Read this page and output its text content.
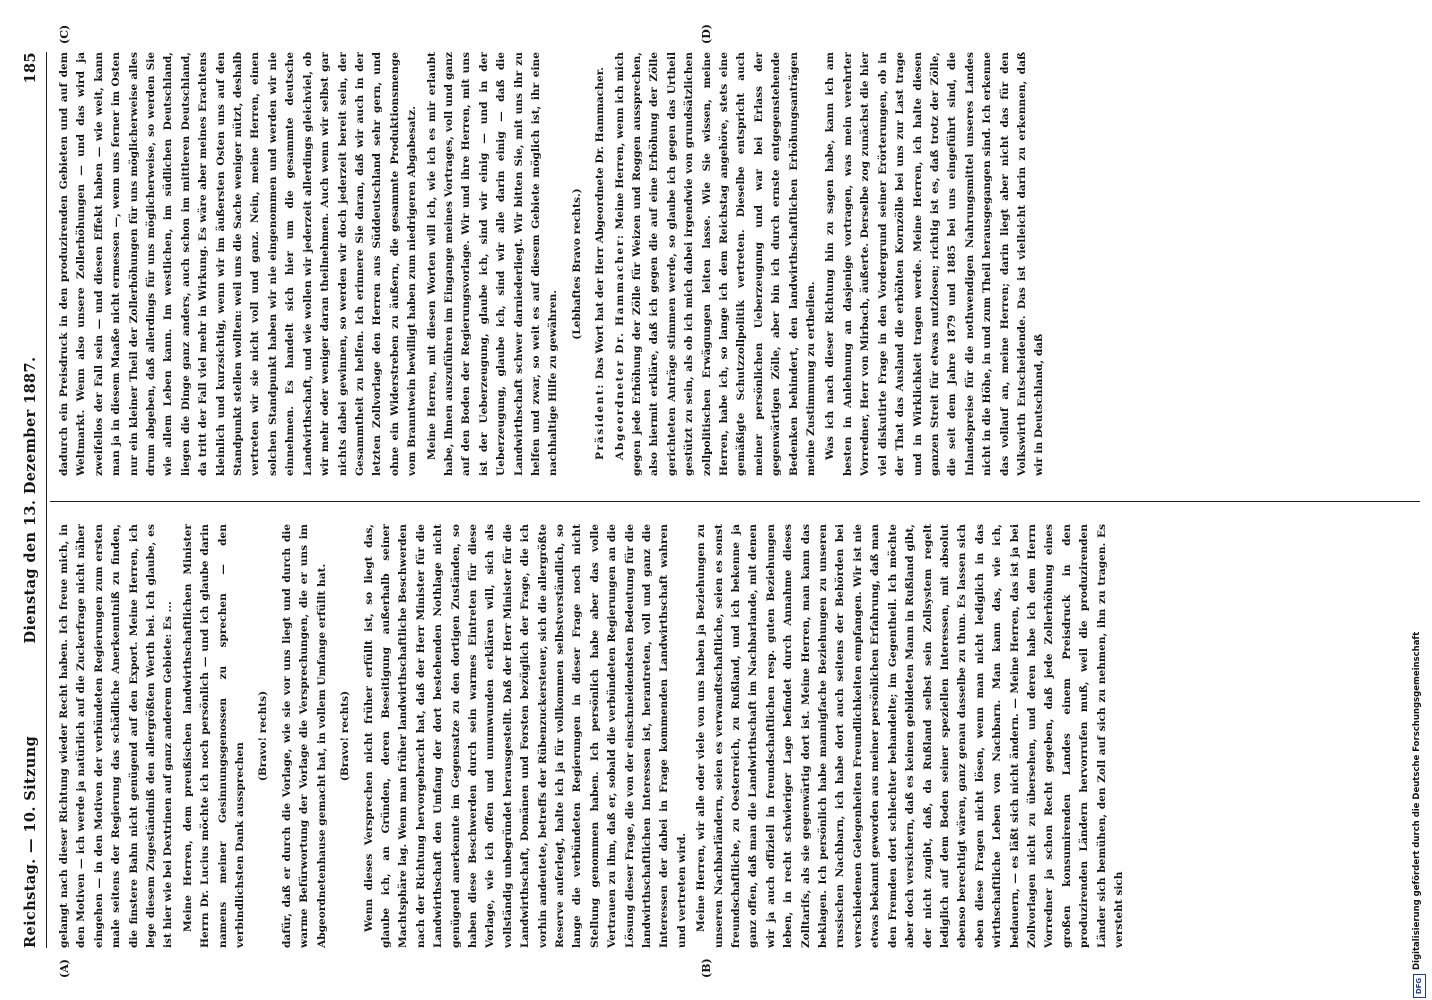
Reichstag. — 10. Sitzung
Dienstag den 13. Dezember 1887.
185
(A)	(B)
(C)	(D)

gelangt nach dieser Richtung wieder Recht haben. Ich freue mich, in den Motiven — ich werde ja natürlich auf die Zuckerfrage nicht näher eingehen — in den Motiven der verbündeten Regierungen zum ersten male seitens der Regierung das schädliche Anerkenntniß zu finden, die finstere Bahn nicht genügend auf den Export. Meine Herren, ich lege diesem Zugeständniß den allergrößten Werth bei. Ich glaube, es ist hier wie bei Dextrinen auf ganz anderem Gebiete: Es ... Meine Herren, dem preußischen landwirthschaftlichen Minister Herrn Dr. Lucius möchte ich noch persönlich — und ich glaube darin namens meiner Gesinnungsgenossen zu sprechen — den verbindlichsten Dank aussprechen

(Bravo! rechts)	dafür, daß er durch die Vorlage, wie sie vor uns liegt und durch die warme Befürwortung der Vorlage die Versprechungen, die er uns im Abgeordnetenhause gemacht hat, in vollem Umfange erfüllt hat.	(Bravo! rechts)	Wenn dieses Versprechen nicht früher erfüllt ist, so liegt das, glaube ich, an Gründen, deren Beseitigung außerhalb seiner Machtsphäre lag. Wenn man früher landwirthschaftliche Beschwerden nach der Richtung hervorgebracht hat, daß der Herr Minister für die Landwirthschaft den Umfang der dort bestehenden Nothlage nicht genügend anerkennte im Gegensatze zu den dortigen Zuständen, so haben diese Beschwerden durch sein warmes Eintreten für diese Vorlage, wie ich offen und unumwunden erklären will, sich als vollständig unbegründet herausgestellt. Daß der Herr Minister für die Landwirthschaft, Domänen und Forsten bezüglich der Frage, die ich vorhin andeutete, betreffs der Rübenzuckersteuer, sich die allergrößte Reserve auferlegt, halte ich ja für vollkommen selbstverständlich, so lange die verbündeten Regierungen in dieser Frage noch nicht Stellung genommen haben. Ich persönlich habe aber das volle Vertrauen zu ihm, daß er, sobald die verbündeten Regierungen an die Lösung dieser Frage, die von der einschneidendsten Bedeutung für die landwirthschaftlichen Interessen ist, herantreten, voll und ganz die Interessen der dabei in Frage kommenden Landwirthschaft wahren und vertreten wird. Meine Herren, wir alle oder viele von uns haben ja Beziehungen zu unseren Nachbarländern, seien es verwandtschaftliche, seien es sonst freundschaftliche, zu Oesterreich, zu Rußland, und ich bekenne ja ganz offen, daß man die Landwirthschaft im Nachbarlande, mit denen wir ja auch offiziell in freundschaftlichen resp. guten Beziehungen leben, in recht schwieriger Lage befindet durch Annahme dieses Zolltarifs, als sie gegenwärtig dort ist. Meine Herren, man kann das beklagen. Ich persönlich habe mannigfache Beziehungen zu unseren russischen Nachbarn, ich habe dort auch seitens der Behörden bei verschiedenen Gelegenheiten Freundlichkeiten empfangen. Wir ist nie etwas bekannt geworden aus meiner persönlichen Erfahrung, daß man den Fremden dort schlechter behandelte; im Gegentheil. Ich möchte aber doch versichern, daß es keinen gebildeten Mann in Rußland gibt, der nicht zugibt, daß, da Rußland selbst sein Zollsystem regelt lediglich auf dem Boden seiner speziellen Interessen, mit absolut ebenso berechtigt wären, ganz genau dasselbe zu thun. Es lassen sich eben diese Fragen nicht lösen, wenn man nicht lediglich in das wirthschaftliche Leben von Nachbarn. Man kann das, wie ich, bedauern, — es läßt sich nicht ändern. — Meine Herren, das ist ja bei Zollvorlagen nicht zu übersehen, und deren habe ich dem Herrn Vorredner ja schon Recht gegeben, daß jede Zollerhöhung eines großen konsumirenden Landes einem Preisdruck in den produzirenden Ländern hervorrufen muß, weil die produzirenden Länder sich bemühen, den Zoll auf sich zu nehmen, ihn zu tragen. Es versteht sich

dadurch ein Preisdruck in den produzirenden Gebieten und auf dem Weltmarkt. Wenn also unsere Zollerhöhungen — und das wird ja zweifellos der Fall sein — und diesen Effekt haben — wie weit, kann man ja in diesem Maaße nicht ermessen —, wenn uns ferner im Osten nur ein kleiner Theil der Zollerhöhungen für uns möglicherweise alles drum abgeben, daß allerdings für uns möglicherweise, so werden Sie wie allem Leben kann. Im westlichen, im südlichen Deutschland, liegen die Dinge ganz anders, auch schon im mittleren Deutschland, da tritt der Fall viel mehr in Wirkung. Es wäre aber meines Erachtens kleinlich und kurzsichtig, wenn wir im äußersten Osten uns auf den Standpunkt stellen wollten: weil uns die Sache weniger nützt, deshalb vertreten wir sie nicht voll und ganz. Nein, meine Herren, einen solchen Standpunkt haben wir nie eingenommen und werden wir nie einnehmen. Es handelt sich hier um die gesammte deutsche Landwirthschaft, und wie wollen wir jederzeit allerdings gleichviel, ob wir mehr oder weniger daran theilnehmen. Auch wenn wir selbst gar nichts dabei gewinnen, so werden wir doch jederzeit bereit sein, der Gesammtheit zu helfen. Ich erinnere Sie daran, daß wir auch in der letzten Zollvorlage den Herren aus Süddeutschland sehr gern, und ohne ein Widerstreben zu äußern, die gesammte Produktionsmenge vom Branntwein bewilligt haben zum niedrigeren Abgabesatz. Meine Herren, mit diesen Worten will ich, wie ich es mir erlaubt habe, Ihnen auszuführen im Eingange meines Vortrages, voll und ganz auf den Boden der Regierungsvorlage. Wir und ihre Herren, mit uns ist der Ueberzeugung, glaube ich, sind wir einig — und in der Ueberzeugung, glaube ich, sind wir alle darin einig — daß die Landwirthschaft schwer darniederliegt. Wir bitten Sie, mit uns ihr zu helfen und zwar, so weit es auf diesem Gebiete möglich ist, ihr eine nachhaltige Hilfe zu gewähren.

(Lebhaftes Bravo rechts.)

Präsident: Das Wort hat der Herr Abgeordnete Dr. Hammacher. Abgeordneter Dr. Hammacher: Meine Herren, wenn ich mich gegen jede Erhöhung der Zölle für Weizen und Roggen aussprechen, also hiermit erkläre, daß ich gegen die auf eine Erhöhung der Zölle gerichteten Anträge stimmen werde, so glaube ich gegen das Urtheil gestützt zu sein, als ob ich mich dabei irgendwie von grundsätzlichen zollpolitischen Erwägungen leiten lasse. Wie Sie wissen, meine Herren, habe ich, so lange ich dem Reichstag angehöre, stets eine gemäßigte Schutzzollpolitik vertreten. Dieselbe entspricht auch meiner persönlichen Ueberzeugung und war bei Erlass der gegenwärtigen Zölle, aber bin ich durch ernste entgegenstehende Bedenken behindert, den landwirthschaftlichen Erhöhungsanträgen meine Zustimmung zu ertheilen. Was ich nach dieser Richtung hin zu sagen habe, kann ich am besten in Anlehnung an dasjenige vortragen, was mein verehrter Vorredner, Herr von Mirbach, äußerte. Derselbe zog zunächst die hier viel diskutirte Frage in den Vordergrund seiner Erörterungen, ob in der That das Ausland die erhöhten Kornzölle bei uns zur Last trage und in Wirklichkeit tragen werde. Meine Herren, ich halte diesen ganzen Streit für etwas nutzlosen; richtig ist es, daß trotz der Zölle, die seit dem Jahre 1879 und 1885 bei uns eingeführt sind, die Inlandspreise für die nothwendigen Nahrungsmittel unseres Landes nicht in die Höhe, in und zum Theil herausgegangen sind. Ich erkenne das vollauf an, meine Herren; darin liegt aber nicht das für den Volkswirth Entscheidende. Das ist vielleicht darin zu erkennen, daß wir in Deutschland, daß

DFG
Digitalisierung gefördert durch die Deutsche Forschungsgemeinschaft
